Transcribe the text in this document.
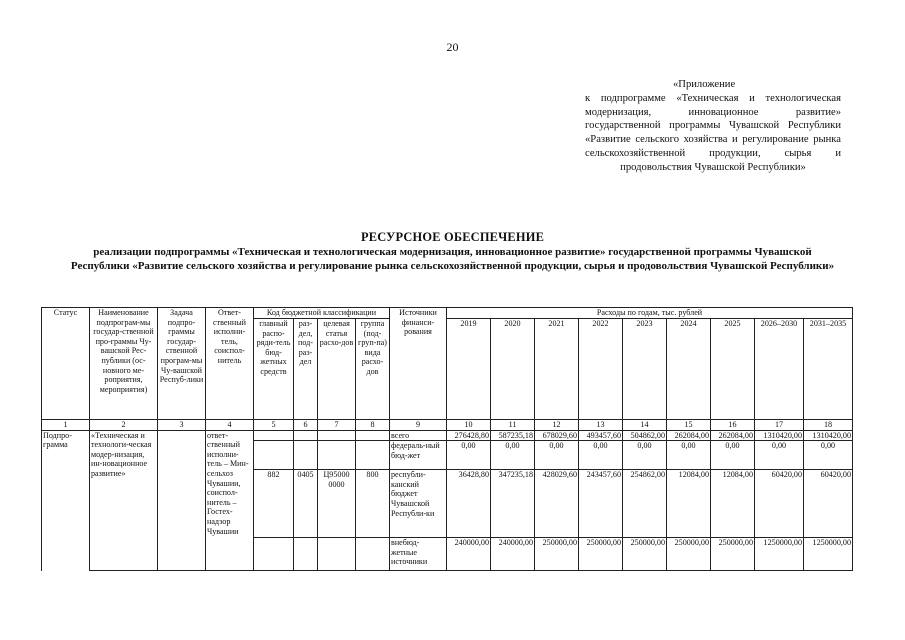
20
«Приложение
к подпрограмме «Техническая и технологическая модернизация, инновационное развитие» государственной программы Чувашской Республики «Развитие сельского хозяйства и регулирование рынка сельскохозяйственной продукции, сырья и продовольствия Чувашской Республики»
РЕСУРСНОЕ ОБЕСПЕЧЕНИЕ
реализации подпрограммы «Техническая и технологическая модернизация, инновационное развитие» государственной программы Чувашской Республики «Развитие сельского хозяйства и регулирование рынка сельскохозяйственной продукции, сырья и продовольствия Чувашской Республики»
Статус	Наименование подпрограм-мы государ-ственной про-граммы Чу-вашской Рес-публики (ос-новного ме-роприятия, мероприятия)	Задача подпро-граммы государ-ственной програм-мы Чу-вашской Респуб-лики	Ответ-ственный исполни-тель, соиспол-нитель	Код бюджетной классификации				Источники финанси-рования	Расходы по годам, тыс. рублей								
				главный распо-ряди-тель бюд-жетных средств	раз-дел, под-раз-дел	целевая статья расхо-дов	группа (под-груп-па) вида расхо-дов		2019	2020	2021	2022	2023	2024	2025	2026–2030	2031–2035
1	2	3	4	5	6	7	8	9	10	11	12	13	14	15	16	17	18
Подпро-грамма	«Техническая и технологи-ческая модер-низация, ин-новационное развитие»		ответ-ственный исполни-тель – Мин-сельхоз Чувашии, соиспол-нитель – Гостех-надзор Чувашии					всего	276428,80	587235,18	678029,60	493457,60	504862,00	262084,00	262084,00	1310420,00	1310420,00
								федераль-ный бюд-жет	0,00	0,00	0,00	0,00	0,00	0,00	0,00	0,00	0,00
				882	0405	Ц95000 0000	800	республи-канский бюджет Чувашской Республи-ки	36428,80	347235,18	428029,60	243457,60	254862,00	12084,00	12084,00	60420,00	60420,00
								внебюд-жетные источники	240000,00	240000,00	250000,00	250000,00	250000,00	250000,00	250000,00	1250000,00	1250000,00
